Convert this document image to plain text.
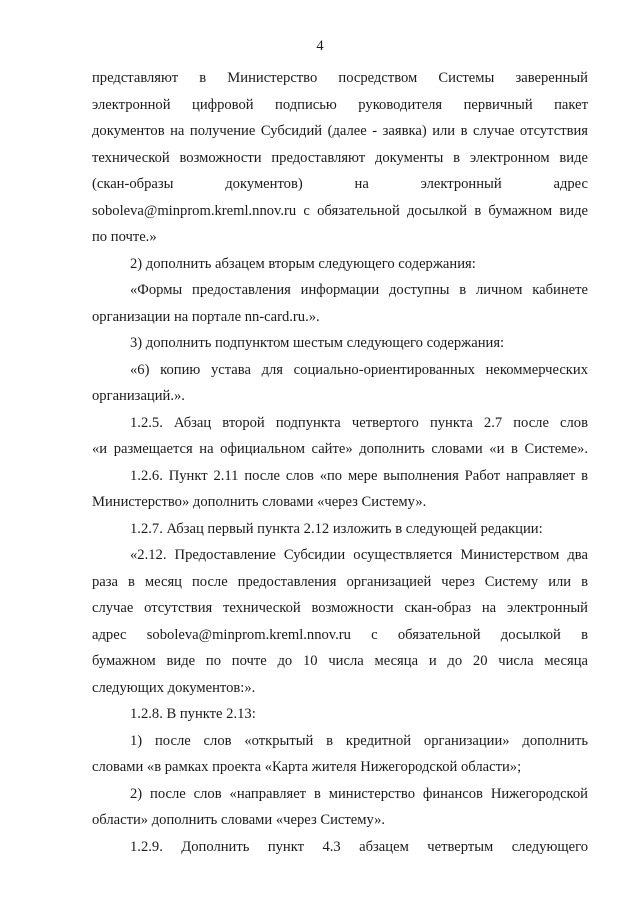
4
представляют в Министерство посредством Системы заверенный
электронной цифровой подписью руководителя первичный пакет
документов на получение Субсидий (далее - заявка) или в случае отсутствия
технической возможности предоставляют документы в электронном виде
(скан-образы документов) на электронный адрес
soboleva@minprom.kreml.nnov.ru с обязательной досылкой в бумажном виде
по почте.»
2) дополнить абзацем вторым следующего содержания:
«Формы предоставления информации доступны в личном кабинете
организации на портале nn-card.ru.».
3) дополнить подпунктом шестым следующего содержания:
«6) копию устава для социально-ориентированных некоммерческих
организаций.».
1.2.5. Абзац второй подпункта четвертого пункта 2.7 после слов
«и размещается на официальном сайте» дополнить словами «и в Системе».
1.2.6. Пункт 2.11 после слов «по мере выполнения Работ направляет в
Министерство» дополнить словами «через Систему».
1.2.7. Абзац первый пункта 2.12 изложить в следующей редакции:
«2.12. Предоставление Субсидии осуществляется Министерством два
раза в месяц после предоставления организацией через Систему или в
случае отсутствия технической возможности скан-образ на электронный
адрес soboleva@minprom.kreml.nnov.ru с обязательной досылкой в
бумажном виде по почте до 10 числа месяца и до 20 числа месяца
следующих документов:».
1.2.8. В пункте 2.13:
1) после слов «открытый в кредитной организации» дополнить
словами «в рамках проекта «Карта жителя Нижегородской области»;
2) после слов «направляет в министерство финансов Нижегородской
области» дополнить словами «через Систему».
1.2.9. Дополнить пункт 4.3 абзацем четвертым следующего
